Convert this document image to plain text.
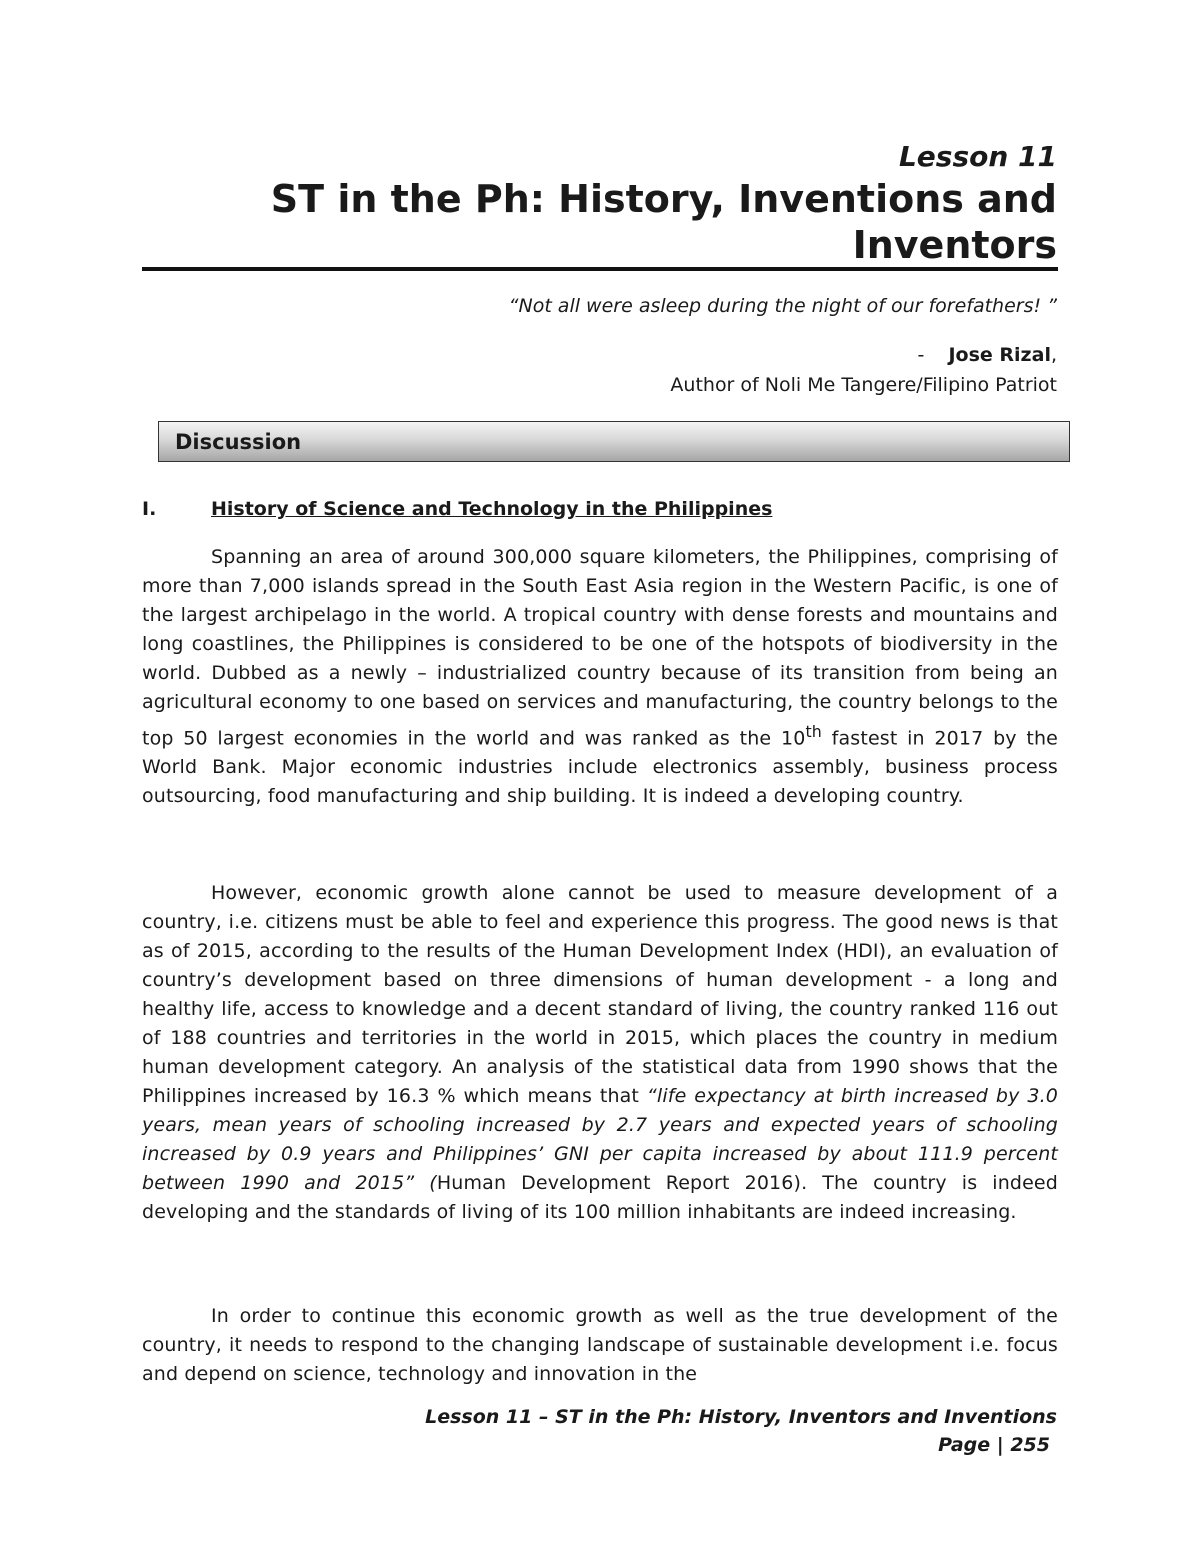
Lesson 11
ST in the Ph: History, Inventions and
Inventors
“Not all were asleep during the night of our forefathers! ”
- Jose Rizal,
Author of Noli Me Tangere/Filipino Patriot
Discussion
I.	History of Science and Technology in the Philippines

Spanning an area of around 300,000 square kilometers, the Philippines, comprising of more than 7,000 islands spread in the South East Asia region in the Western Pacific, is one of the largest archipelago in the world. A tropical country with dense forests and mountains and long coastlines, the Philippines is considered to be one of the hotspots of biodiversity in the world. Dubbed as a newly – industrialized country because of its transition from being an agricultural economy to one based on services and manufacturing, the country belongs to the top 50 largest economies in the world and was ranked as the 10th fastest in 2017 by the World Bank. Major economic industries include electronics assembly, business process outsourcing, food manufacturing and ship building. It is indeed a developing country.

However, economic growth alone cannot be used to measure development of a country, i.e. citizens must be able to feel and experience this progress. The good news is that as of 2015, according to the results of the Human Development Index (HDI), an evaluation of country’s development based on three dimensions of human development - a long and healthy life, access to knowledge and a decent standard of living, the country ranked 116 out of 188 countries and territories in the world in 2015, which places the country in medium human development category. An analysis of the statistical data from 1990 shows that the Philippines increased by 16.3 % which means that “life expectancy at birth increased by 3.0 years, mean years of schooling increased by 2.7 years and expected years of schooling increased by 0.9 years and Philippines’ GNI per capita increased by about 111.9 percent between 1990 and 2015” (Human Development Report 2016). The country is indeed developing and the standards of living of its 100 million inhabitants are indeed increasing.

In order to continue this economic growth as well as the true development of the country, it needs to respond to the changing landscape of sustainable development i.e. focus and depend on science, technology and innovation in the

Lesson 11 – ST in the Ph: History, Inventors and Inventions
Page | 255
